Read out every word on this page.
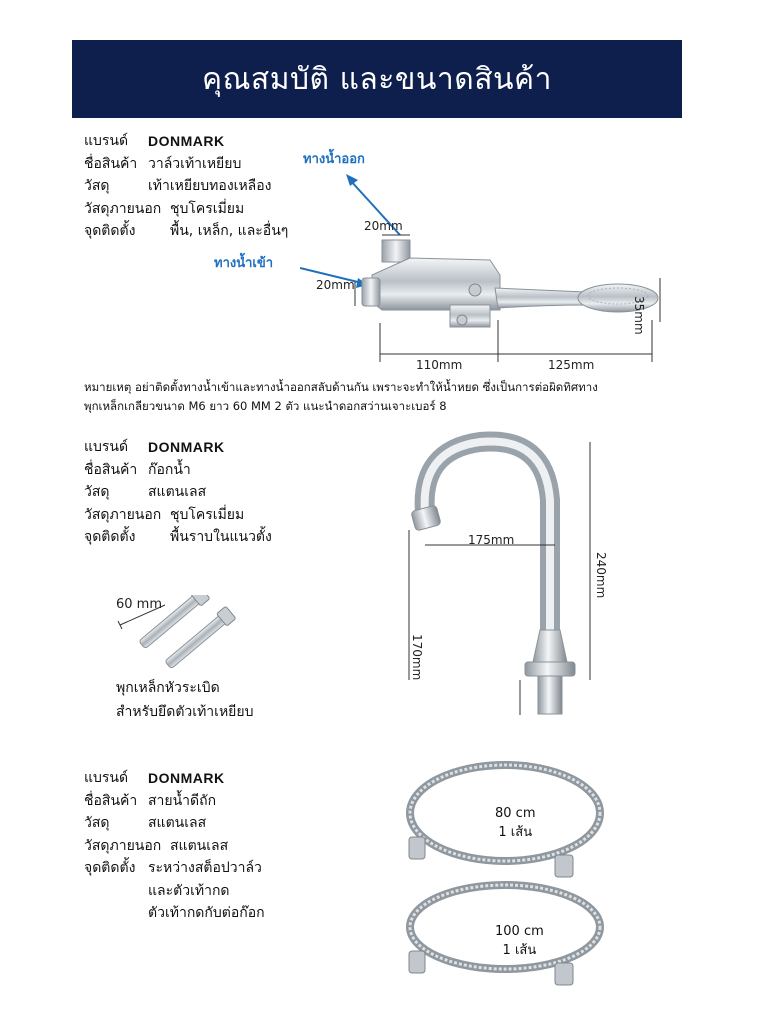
คุณสมบัติ และขนาดสินค้า
แบรนด์	DONMARK
ชื่อสินค้า วาล์วเท้าเหยียบ
วัสดุ	เท้าเหยียบทองเหลือง
วัสดุภายนอก ชุบโครเมี่ยม
จุดติดตั้ง	พื้น, เหล็ก, และอื่นๆ
ทางน้ำออก
ทางน้ำเข้า
20mm
20mm
110mm	125mm
35mm
หมายเหตุ อย่าติดตั้งทางน้ำเข้าและทางน้ำออกสลับด้านกัน เพราะจะทำให้น้ำหยด ซึ่งเป็นการต่อผิดทิศทาง
พุกเหล็กเกลียวขนาด M6 ยาว 60 MM 2 ตัว แนะนำดอกสว่านเจาะเบอร์ 8
แบรนด์	DONMARK
ชื่อสินค้า ก๊อกน้ำ
วัสดุ	สแตนเลส
วัสดุภายนอก ชุบโครเมี่ยม
จุดติดตั้ง	พื้นราบในแนวตั้ง
60 mm
พุกเหล็กหัวระเบิด
สำหรับยึดตัวเท้าเหยียบ
175mm
240mm
170mm
แบรนด์	DONMARK
ชื่อสินค้า สายน้ำดีถัก
วัสดุ	สแตนเลส
วัสดุภายนอก สแตนเลส
จุดติดตั้ง ระหว่างสต็อปวาล์ว
และตัวเท้ากด
ตัวเท้ากดกับต่อก๊อก
80 cm
1 เส้น
100 cm
1 เส้น
